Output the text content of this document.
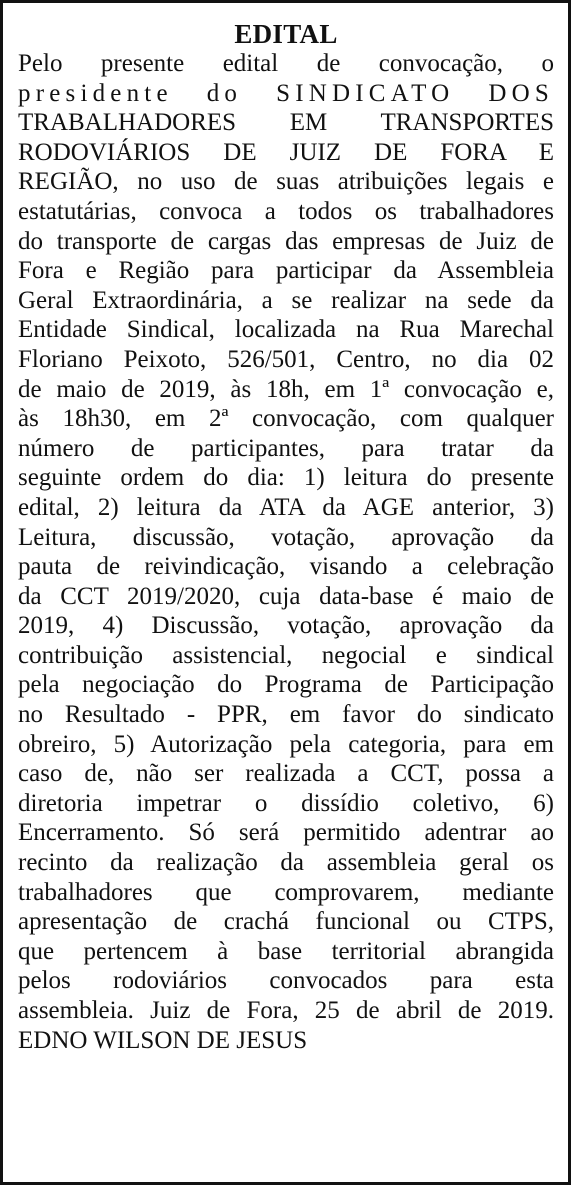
EDITAL

Pelo presente edital de convocação, o
presidente do SINDICATO DOS
TRABALHADORES EM TRANSPORTES
RODOVIÁRIOS DE JUIZ DE FORA E
REGIÃO, no uso de suas atribuições legais e
estatutárias, convoca a todos os trabalhadores
do transporte de cargas das empresas de Juiz de
Fora e Região para participar da Assembleia
Geral Extraordinária, a se realizar na sede da
Entidade Sindical, localizada na Rua Marechal
Floriano Peixoto, 526/501, Centro, no dia 02
de maio de 2019, às 18h, em 1ª convocação e,
às 18h30, em 2ª convocação, com qualquer
número de participantes, para tratar da
seguinte ordem do dia: 1) leitura do presente
edital, 2) leitura da ATA da AGE anterior, 3)
Leitura, discussão, votação, aprovação da
pauta de reivindicação, visando a celebração
da CCT 2019/2020, cuja data-base é maio de
2019, 4) Discussão, votação, aprovação da
contribuição assistencial, negocial e sindical
pela negociação do Programa de Participação
no Resultado - PPR, em favor do sindicato
obreiro, 5) Autorização pela categoria, para em
caso de, não ser realizada a CCT, possa a
diretoria impetrar o dissídio coletivo, 6)
Encerramento. Só será permitido adentrar ao
recinto da realização da assembleia geral os
trabalhadores que comprovarem, mediante
apresentação de crachá funcional ou CTPS,
que pertencem à base territorial abrangida
pelos rodoviários convocados para esta
assembleia. Juiz de Fora, 25 de abril de 2019.

EDNO WILSON DE JESUS
